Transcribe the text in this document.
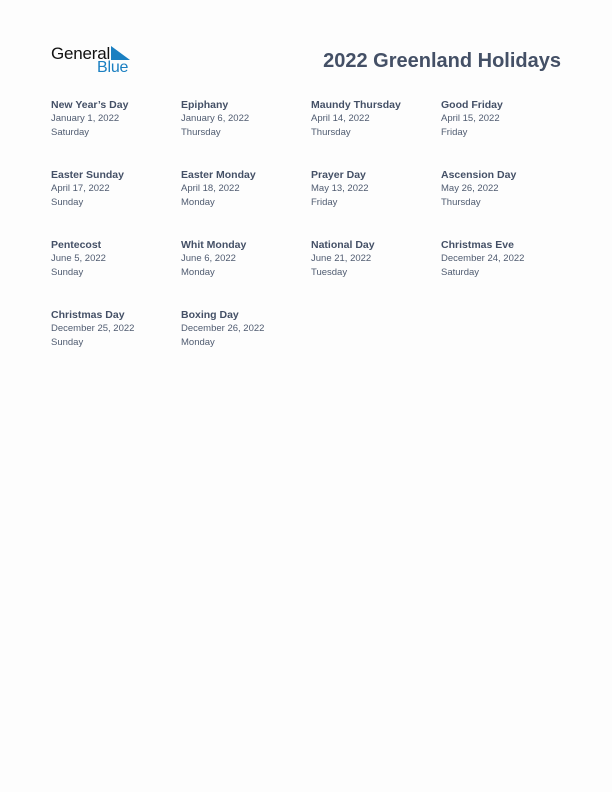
General
Blue	2022 Greenland Holidays
New Year’s Day
January 1, 2022
Saturday
Epiphany
January 6, 2022
Thursday
Maundy Thursday
April 14, 2022
Thursday
Good Friday
April 15, 2022
Friday
Easter Sunday
April 17, 2022
Sunday
Easter Monday
April 18, 2022
Monday
Prayer Day
May 13, 2022
Friday
Ascension Day
May 26, 2022
Thursday
Pentecost
June 5, 2022
Sunday
Whit Monday
June 6, 2022
Monday
National Day
June 21, 2022
Tuesday
Christmas Eve
December 24, 2022
Saturday
Christmas Day
December 25, 2022
Sunday
Boxing Day
December 26, 2022
Monday
